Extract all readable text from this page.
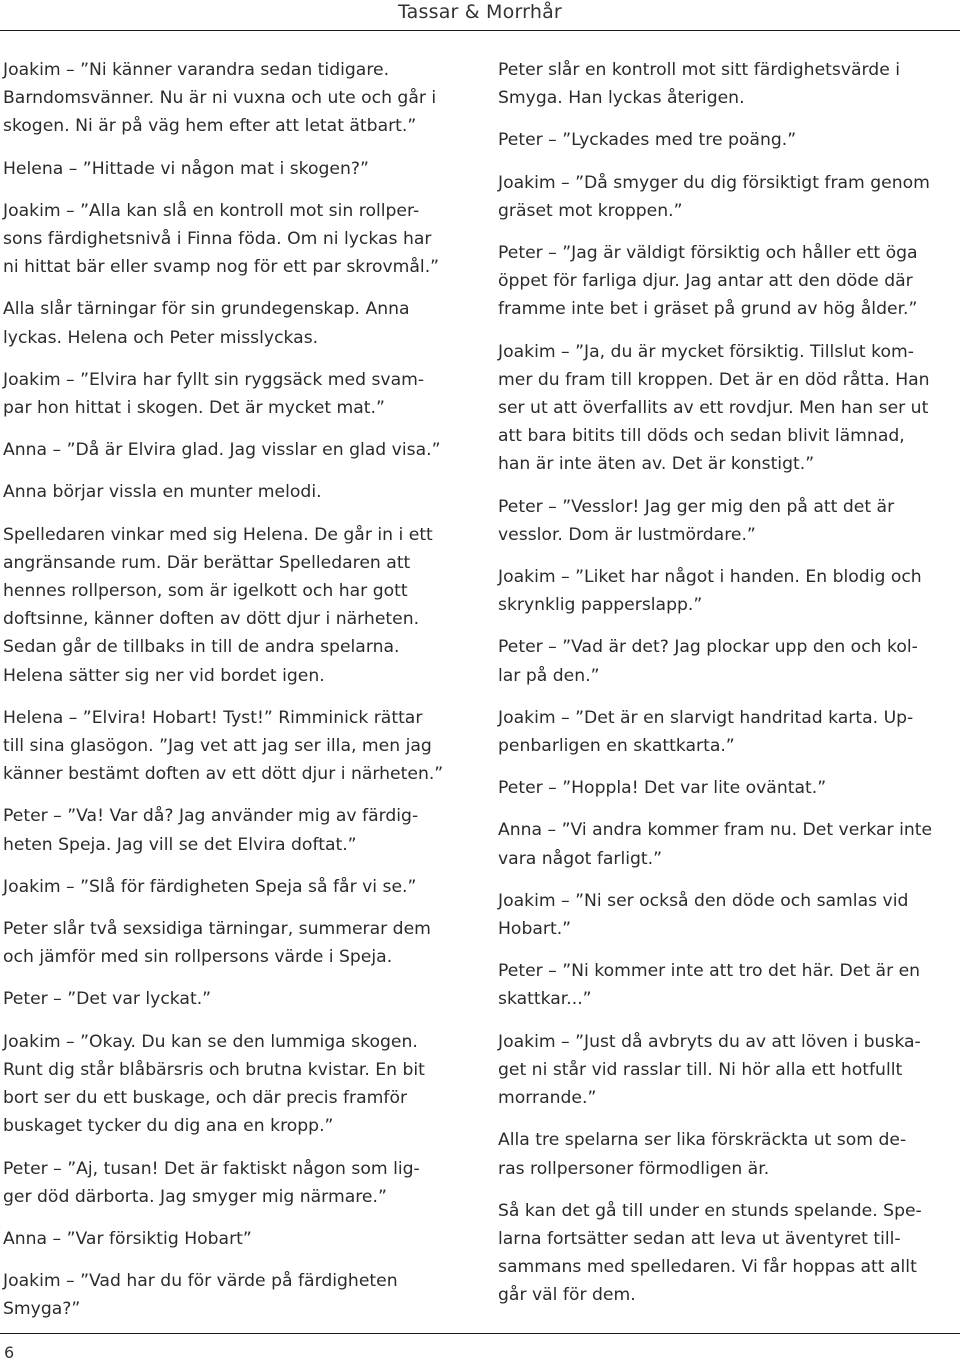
Tassar & Morrhår

Joakim – ”Ni känner varandra sedan tidigare.
Barndomsvänner. Nu är ni vuxna och ute och går i
skogen. Ni är på väg hem efter att letat ätbart.”

Helena – ”Hittade vi någon mat i skogen?”

Joakim – ”Alla kan slå en kontroll mot sin rollper-
sons färdighetsnivå i Finna föda. Om ni lyckas har
ni hittat bär eller svamp nog för ett par skrovmål.”

Alla slår tärningar för sin grundegenskap. Anna
lyckas. Helena och Peter misslyckas.

Joakim – ”Elvira har fyllt sin ryggsäck med svam-
par hon hittat i skogen. Det är mycket mat.”

Anna – ”Då är Elvira glad. Jag visslar en glad visa.”

Anna börjar vissla en munter melodi.

Spelledaren vinkar med sig Helena. De går in i ett
angränsande rum. Där berättar Spelledaren att
hennes rollperson, som är igelkott och har gott
doftsinne, känner doften av dött djur i närheten.
Sedan går de tillbaks in till de andra spelarna.
Helena sätter sig ner vid bordet igen.

Helena – ”Elvira! Hobart! Tyst!” Rimminick rättar
till sina glasögon. ”Jag vet att jag ser illa, men jag
känner bestämt doften av ett dött djur i närheten.”

Peter – ”Va! Var då? Jag använder mig av färdig-
heten Speja. Jag vill se det Elvira doftat.”

Joakim – ”Slå för färdigheten Speja så får vi se.”

Peter slår två sexsidiga tärningar, summerar dem
och jämför med sin rollpersons värde i Speja.

Peter – ”Det var lyckat.”

Joakim – ”Okay. Du kan se den lummiga skogen.
Runt dig står blåbärsris och brutna kvistar. En bit
bort ser du ett buskage, och där precis framför
buskaget tycker du dig ana en kropp.”

Peter – ”Aj, tusan! Det är faktiskt någon som lig-
ger död därborta. Jag smyger mig närmare.”

Anna – ”Var försiktig Hobart”

Joakim – ”Vad har du för värde på färdigheten
Smyga?”

Peter slår en kontroll mot sitt färdighetsvärde i
Smyga. Han lyckas återigen.

Peter – ”Lyckades med tre poäng.”

Joakim – ”Då smyger du dig försiktigt fram genom
gräset mot kroppen.”

Peter – ”Jag är väldigt försiktig och håller ett öga
öppet för farliga djur. Jag antar att den döde där
framme inte bet i gräset på grund av hög ålder.”

Joakim – ”Ja, du är mycket försiktig. Tillslut kom-
mer du fram till kroppen. Det är en död råtta. Han
ser ut att överfallits av ett rovdjur. Men han ser ut
att bara bitits till döds och sedan blivit lämnad,
han är inte äten av. Det är konstigt.”

Peter – ”Vesslor! Jag ger mig den på att det är
vesslor. Dom är lustmördare.”

Joakim – ”Liket har något i handen. En blodig och
skrynklig papperslapp.”

Peter – ”Vad är det? Jag plockar upp den och kol-
lar på den.”

Joakim – ”Det är en slarvigt handritad karta. Up-
penbarligen en skattkarta.”

Peter – ”Hoppla! Det var lite oväntat.”

Anna – ”Vi andra kommer fram nu. Det verkar inte
vara något farligt.”

Joakim – ”Ni ser också den döde och samlas vid
Hobart.”

Peter – ”Ni kommer inte att tro det här. Det är en
skattkar...”

Joakim – ”Just då avbryts du av att löven i buska-
get ni står vid rasslar till. Ni hör alla ett hotfullt
morrande.”

Alla tre spelarna ser lika förskräckta ut som de-
ras rollpersoner förmodligen är.

Så kan det gå till under en stunds spelande. Spe-
larna fortsätter sedan att leva ut äventyret till-
sammans med spelledaren. Vi får hoppas att allt
går väl för dem.

6
